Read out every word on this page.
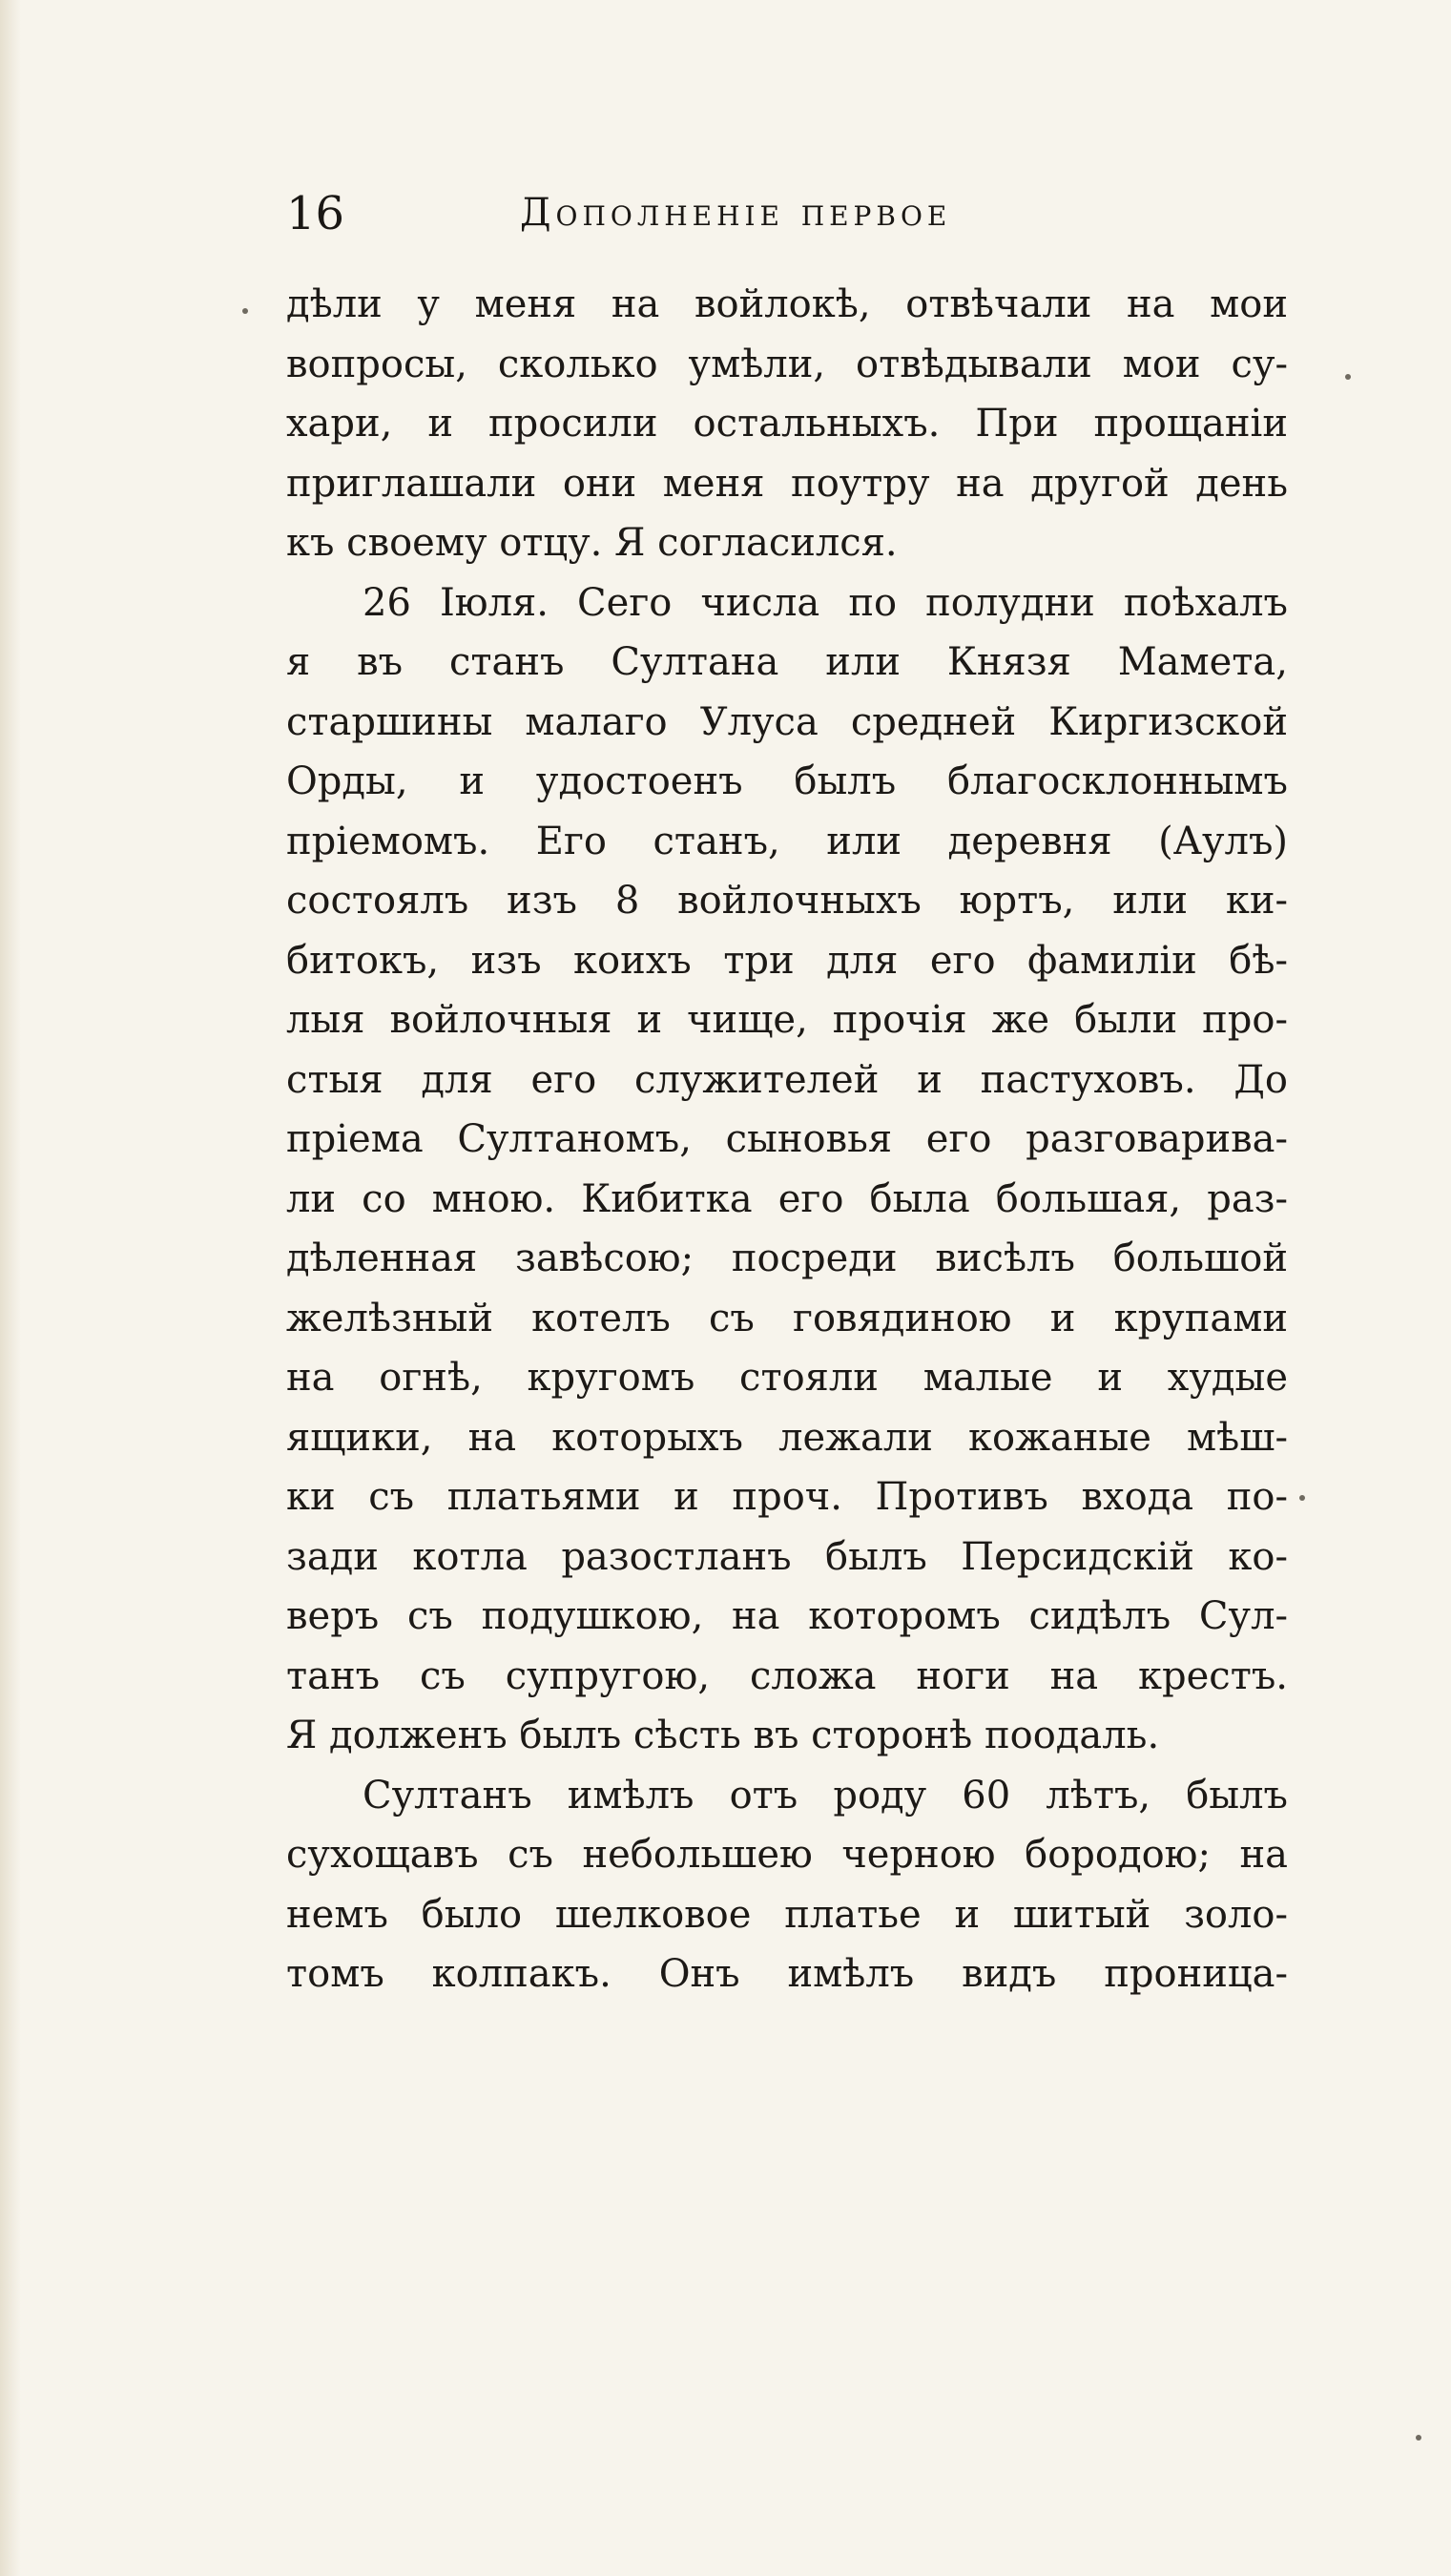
16	Дополненіе первое
дѣли у меня на войлокѣ, отвѣчали на мои
вопросы, сколько умѣли, отвѣдывали мои су-
хари, и просили остальныхъ. При прощаніи
приглашали они меня поутру на другой день
къ своему отцу. Я согласился.
26 Іюля. Сего числа по полудни поѣхалъ
я въ станъ Султана или Князя Мамета,
старшины малаго Улуса средней Киргизской
Орды, и удостоенъ былъ благосклоннымъ
пріемомъ. Его станъ, или деревня (Аулъ)
состоялъ изъ 8 войлочныхъ юртъ, или ки-
битокъ, изъ коихъ три для его фамиліи бѣ-
лыя войлочныя и чище, прочія же были про-
стыя для его служителей и пастуховъ. До
пріема Султаномъ, сыновья его разговарива-
ли со мною. Кибитка его была большая, раз-
дѣленная завѣсою; посреди висѣлъ большой
желѣзный котелъ съ говядиною и крупами
на огнѣ, кругомъ стояли малые и худые
ящики, на которыхъ лежали кожаные мѣш-
ки съ платьями и проч. Противъ входа по-
зади котла разостланъ былъ Персидскій ко-
веръ съ подушкою, на которомъ сидѣлъ Сул-
танъ съ супругою, сложа ноги на крестъ.
Я долженъ былъ сѣсть въ сторонѣ поодаль.
Султанъ имѣлъ отъ роду 60 лѣтъ, былъ
сухощавъ съ небольшею черною бородою; на
немъ было шелковое платье и шитый золо-
томъ колпакъ. Онъ имѣлъ видъ проница-
